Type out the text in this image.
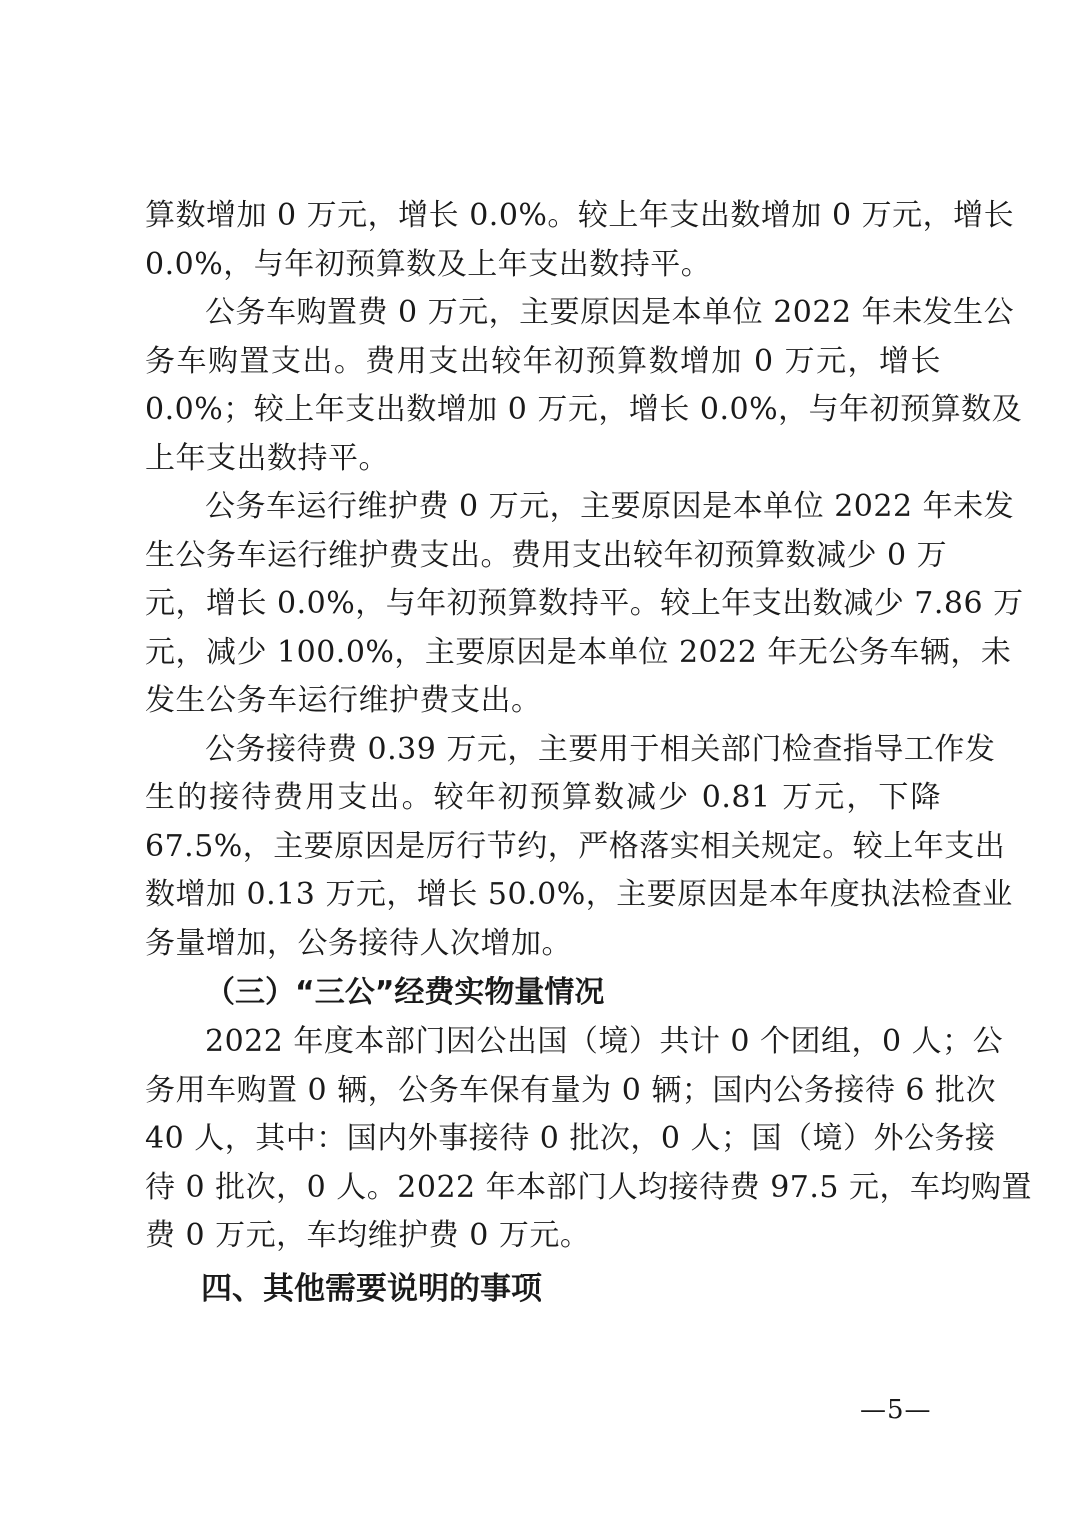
算数增加 0 万元，增长 0.0%。较上年支出数增加 0 万元，增长
0.0%，与年初预算数及上年支出数持平。
公务车购置费 0 万元，主要原因是本单位 2022 年未发生公
务车购置支出。费用支出较年初预算数增加 0 万元，增长
0.0%；较上年支出数增加 0 万元，增长 0.0%，与年初预算数及
上年支出数持平。
公务车运行维护费 0 万元，主要原因是本单位 2022 年未发
生公务车运行维护费支出。费用支出较年初预算数减少 0 万
元，增长 0.0%，与年初预算数持平。较上年支出数减少 7.86 万
元，减少 100.0%，主要原因是本单位 2022 年无公务车辆，未
发生公务车运行维护费支出。
公务接待费 0.39 万元，主要用于相关部门检查指导工作发
生的接待费用支出。较年初预算数减少 0.81 万元，下降
67.5%，主要原因是厉行节约，严格落实相关规定。较上年支出
数增加 0.13 万元，增长 50.0%，主要原因是本年度执法检查业
务量增加，公务接待人次增加。
（三）“三公”经费实物量情况
2022 年度本部门因公出国（境）共计 0 个团组，0 人；公
务用车购置 0 辆，公务车保有量为 0 辆；国内公务接待 6 批次
40 人，其中：国内外事接待 0 批次，0 人；国（境）外公务接
待 0 批次，0 人。2022 年本部门人均接待费 97.5 元，车均购置
费 0 万元，车均维护费 0 万元。
四、其他需要说明的事项
—5—
